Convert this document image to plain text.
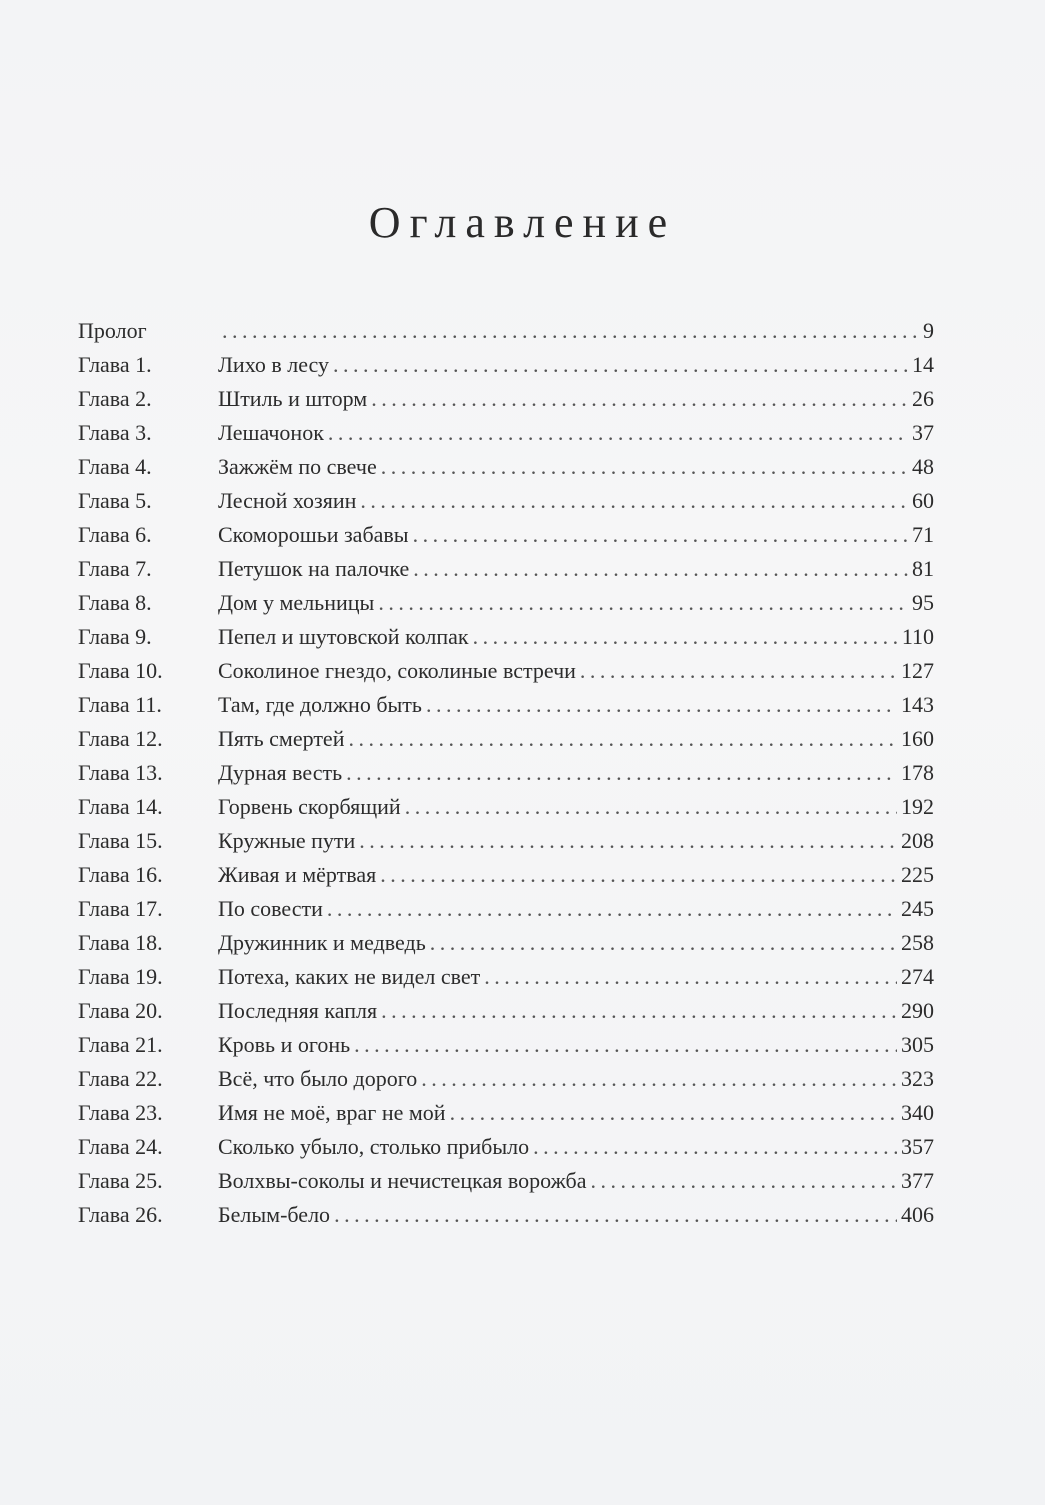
Оглавление
Пролог . . .	9
Глава 1.	Лихо в лесу . . .	14
Глава 2.	Штиль и шторм . . .	26
Глава 3.	Лешачонок . . .	37
Глава 4.	Зажжём по свече . . .	48
Глава 5.	Лесной хозяин . . .	60
Глава 6.	Скоморошьи забавы . . .	71
Глава 7.	Петушок на палочке . . .	81
Глава 8.	Дом у мельницы . . .	95
Глава 9.	Пепел и шутовской колпак . . .	110
Глава 10.	Соколиное гнездо, соколиные встречи . . .	127
Глава 11.	Там, где должно быть . . .	143
Глава 12.	Пять смертей . . .	160
Глава 13.	Дурная весть . . .	178
Глава 14.	Горвень скорбящий . . .	192
Глава 15.	Кружные пути . . .	208
Глава 16.	Живая и мёртвая . . .	225
Глава 17.	По совести . . .	245
Глава 18.	Дружинник и медведь . . .	258
Глава 19.	Потеха, каких не видел свет . . .	274
Глава 20.	Последняя капля . . .	290
Глава 21.	Кровь и огонь . . .	305
Глава 22.	Всё, что было дорого . . .	323
Глава 23.	Имя не моё, враг не мой . . .	340
Глава 24.	Сколько убыло, столько прибыло . . .	357
Глава 25.	Волхвы-соколы и нечистецкая ворожба . . .	377
Глава 26.	Белым-бело . . .	406
